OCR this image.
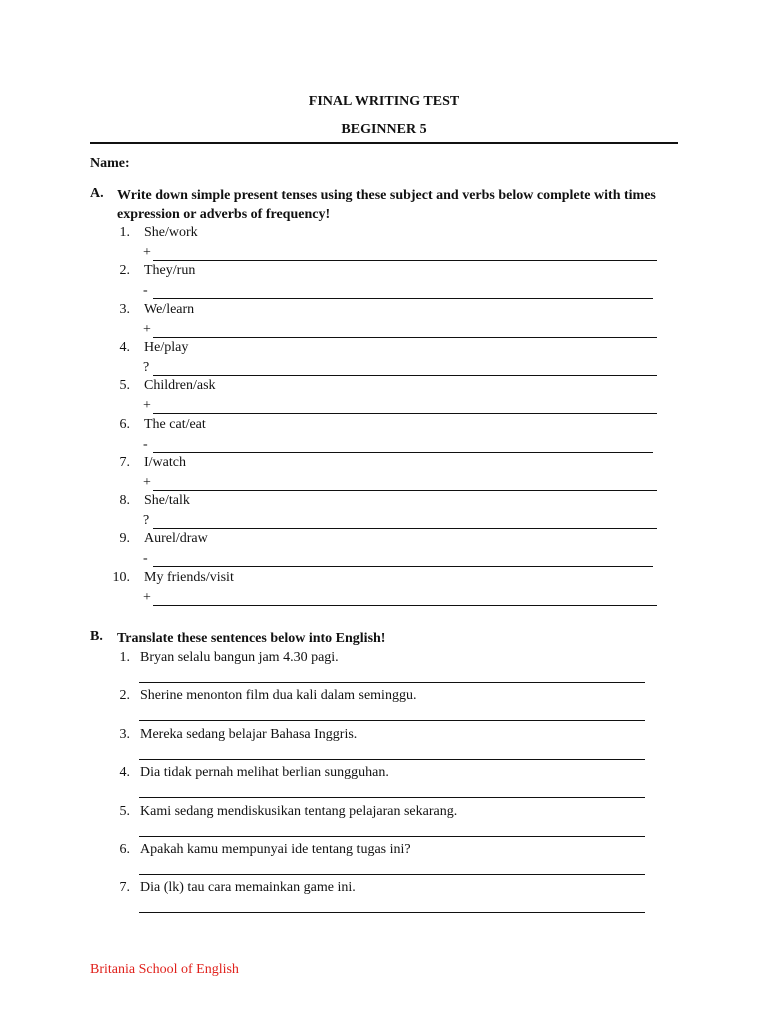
FINAL WRITING TEST
BEGINNER 5
Name:
A. Write down simple present tenses using these subject and verbs below complete with times expression or adverbs of frequency!
1. She/work
+
2. They/run
-
3. We/learn
+
4. He/play
?
5. Children/ask
+
6. The cat/eat
-
7. I/watch
+
8. She/talk
?
9. Aurel/draw
-
10. My friends/visit
+
B. Translate these sentences below into English!
1. Bryan selalu bangun jam 4.30 pagi.
2. Sherine menonton film dua kali dalam seminggu.
3. Mereka sedang belajar Bahasa Inggris.
4. Dia tidak pernah melihat berlian sungguhan.
5. Kami sedang mendiskusikan tentang pelajaran sekarang.
6. Apakah kamu mempunyai ide tentang tugas ini?
7. Dia (lk) tau cara memainkan game ini.
Britania School of English
